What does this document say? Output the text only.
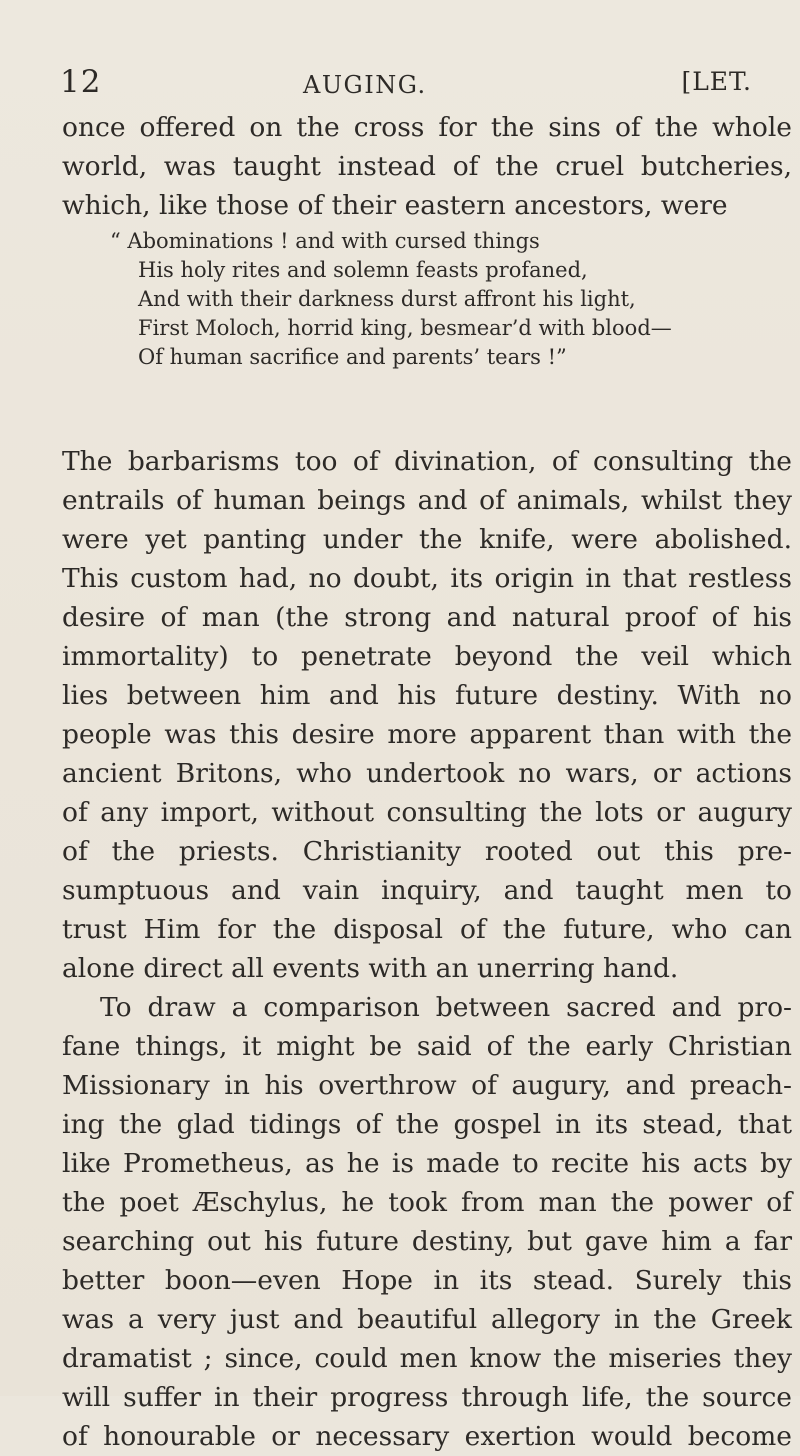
12	AUGING.	[LET.
once offered on the cross for the sins of the whole
world, was taught instead of the cruel butcheries,
which, like those of their eastern ancestors, were
“ Abominations ! and with cursed things
His holy rites and solemn feasts profaned,
And with their darkness durst affront his light,
First Moloch, horrid king, besmear’d with blood—
Of human sacrifice and parents’ tears !”
The barbarisms too of divination, of consulting the
entrails of human beings and of animals, whilst they
were yet panting under the knife, were abolished.
This custom had, no doubt, its origin in that restless
desire of man (the strong and natural proof of his
immortality) to penetrate beyond the veil which
lies between him and his future destiny. With no
people was this desire more apparent than with the
ancient Britons, who undertook no wars, or actions
of any import, without consulting the lots or augury
of the priests. Christianity rooted out this pre-
sumptuous and vain inquiry, and taught men to
trust Him for the disposal of the future, who can
alone direct all events with an unerring hand.
To draw a comparison between sacred and pro-
fane things, it might be said of the early Christian
Missionary in his overthrow of augury, and preach-
ing the glad tidings of the gospel in its stead, that
like Prometheus, as he is made to recite his acts by
the poet Æschylus, he took from man the power of
searching out his future destiny, but gave him a far
better boon—even Hope in its stead. Surely this
was a very just and beautiful allegory in the Greek
dramatist ; since, could men know the miseries they
will suffer in their progress through life, the source
of honourable or necessary exertion would become
